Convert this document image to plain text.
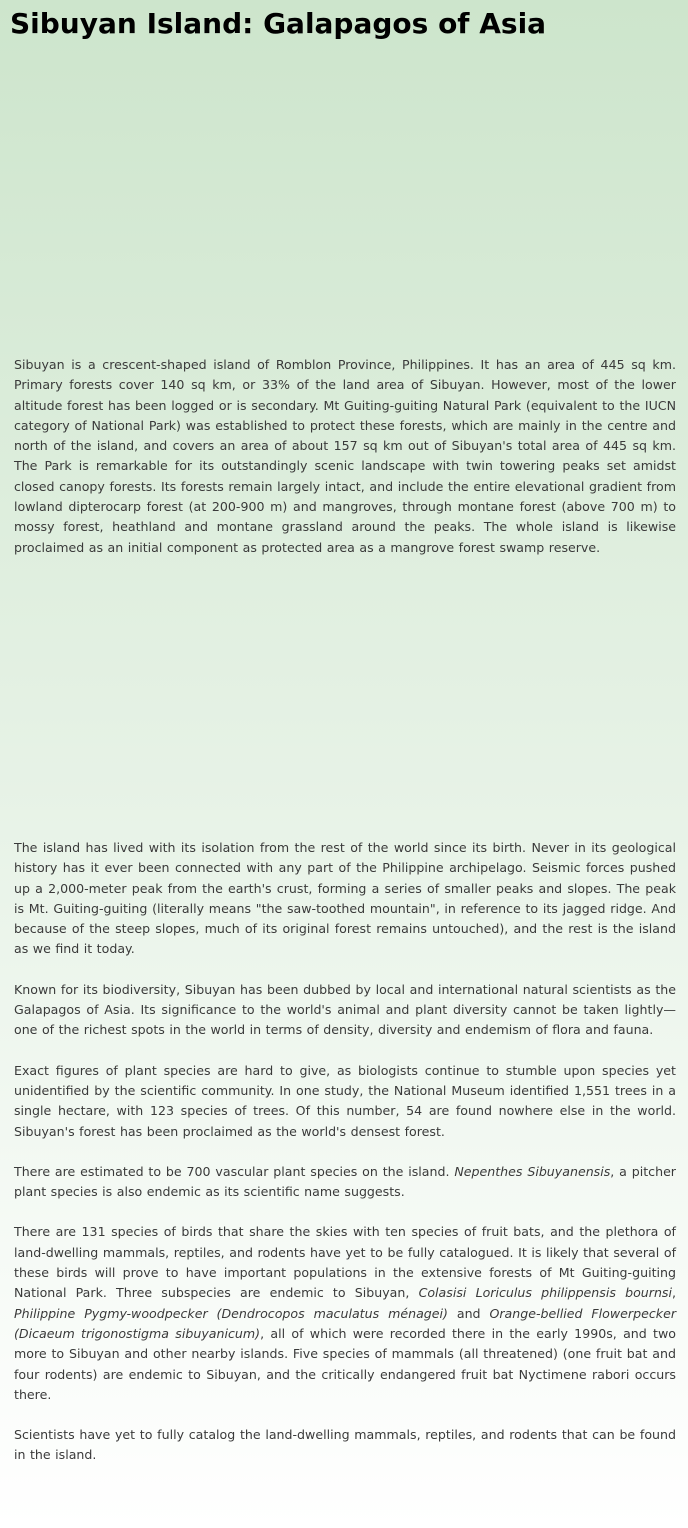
Sibuyan Island: Galapagos of Asia

Sibuyan is a crescent-shaped island of Romblon Province, Philippines. It has an area of 445 sq km. Primary forests cover 140 sq km, or 33% of the land area of Sibuyan. However, most of the lower altitude forest has been logged or is secondary. Mt Guiting-guiting Natural Park (equivalent to the IUCN category of National Park) was established to protect these forests, which are mainly in the centre and north of the island, and covers an area of about 157 sq km out of Sibuyan's total area of 445 sq km. The Park is remarkable for its outstandingly scenic landscape with twin towering peaks set amidst closed canopy forests. Its forests remain largely intact, and include the entire elevational gradient from lowland dipterocarp forest (at 200-900 m) and mangroves, through montane forest (above 700 m) to mossy forest, heathland and montane grassland around the peaks. The whole island is likewise proclaimed as an initial component as protected area as a mangrove forest swamp reserve.

The island has lived with its isolation from the rest of the world since its birth. Never in its geological history has it ever been connected with any part of the Philippine archipelago. Seismic forces pushed up a 2,000-meter peak from the earth's crust, forming a series of smaller peaks and slopes. The peak is Mt. Guiting-guiting (literally means "the saw-toothed mountain", in reference to its jagged ridge. And because of the steep slopes, much of its original forest remains untouched), and the rest is the island as we find it today.

Known for its biodiversity, Sibuyan has been dubbed by local and international natural scientists as the Galapagos of Asia. Its significance to the world's animal and plant diversity cannot be taken lightly—one of the richest spots in the world in terms of density, diversity and endemism of flora and fauna.

Exact figures of plant species are hard to give, as biologists continue to stumble upon species yet unidentified by the scientific community. In one study, the National Museum identified 1,551 trees in a single hectare, with 123 species of trees. Of this number, 54 are found nowhere else in the world. Sibuyan's forest has been proclaimed as the world's densest forest.

There are estimated to be 700 vascular plant species on the island. Nepenthes Sibuyanensis, a pitcher plant species is also endemic as its scientific name suggests.

There are 131 species of birds that share the skies with ten species of fruit bats, and the plethora of land-dwelling mammals, reptiles, and rodents have yet to be fully catalogued. It is likely that several of these birds will prove to have important populations in the extensive forests of Mt Guiting-guiting National Park. Three subspecies are endemic to Sibuyan, Colasisi Loriculus philippensis bournsi, Philippine Pygmy-woodpecker (Dendrocopos maculatus ménagei) and Orange-bellied Flowerpecker (Dicaeum trigonostigma sibuyanicum), all of which were recorded there in the early 1990s, and two more to Sibuyan and other nearby islands. Five species of mammals (all threatened) (one fruit bat and four rodents) are endemic to Sibuyan, and the critically endangered fruit bat Nyctimene rabori occurs there.

Scientists have yet to fully catalog the land-dwelling mammals, reptiles, and rodents that can be found in the island.
